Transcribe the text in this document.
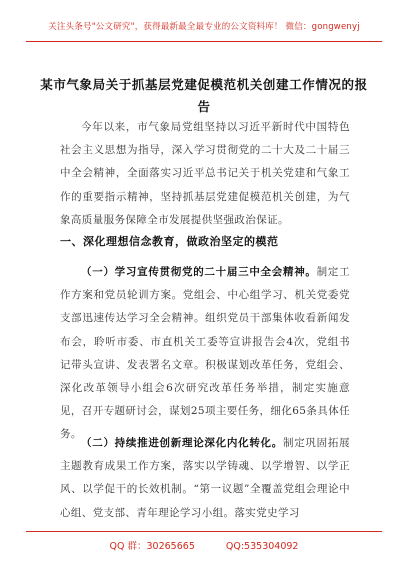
关注头条号"公文研究"，获得最新最全最专业的公文资料库！ 微信：gongwenyj
某市气象局关于抓基层党建促模范机关创建工作情况的报
告

今年以来，市气象局党组坚持以习近平新时代中国特色社会主义思想为指导，深入学习贯彻党的二十大及二十届三中全会精神，全面落实习近平总书记关于机关党建和气象工作的重要指示精神，坚持抓基层党建促模范机关创建，为气象高质量服务保障全市发展提供坚强政治保证。

一、深化理想信念教育，做政治坚定的模范

（一）学习宣传贯彻党的二十届三中全会精神。制定工作方案和党员轮训方案。党组会、中心组学习、机关党委党支部迅速传达学习全会精神。组织党员干部集体收看新闻发布会，聆听市委、市直机关工委等宣讲报告会4次，党组书记带头宣讲、发表署名文章。积极谋划改革任务，党组会、深化改革领导小组会6次研究改革任务举措，制定实施意见，召开专题研讨会，谋划25项主要任务，细化65条具体任务。

（二）持续推进创新理论深化内化转化。制定巩固拓展主题教育成果工作方案，落实以学铸魂、以学增智、以学正风、以学促干的长效机制。“第一议题”全覆盖党组会理论中心组、党支部、青年理论学习小组。落实党史学习

QQ 群：30265665	QQ:535304092
